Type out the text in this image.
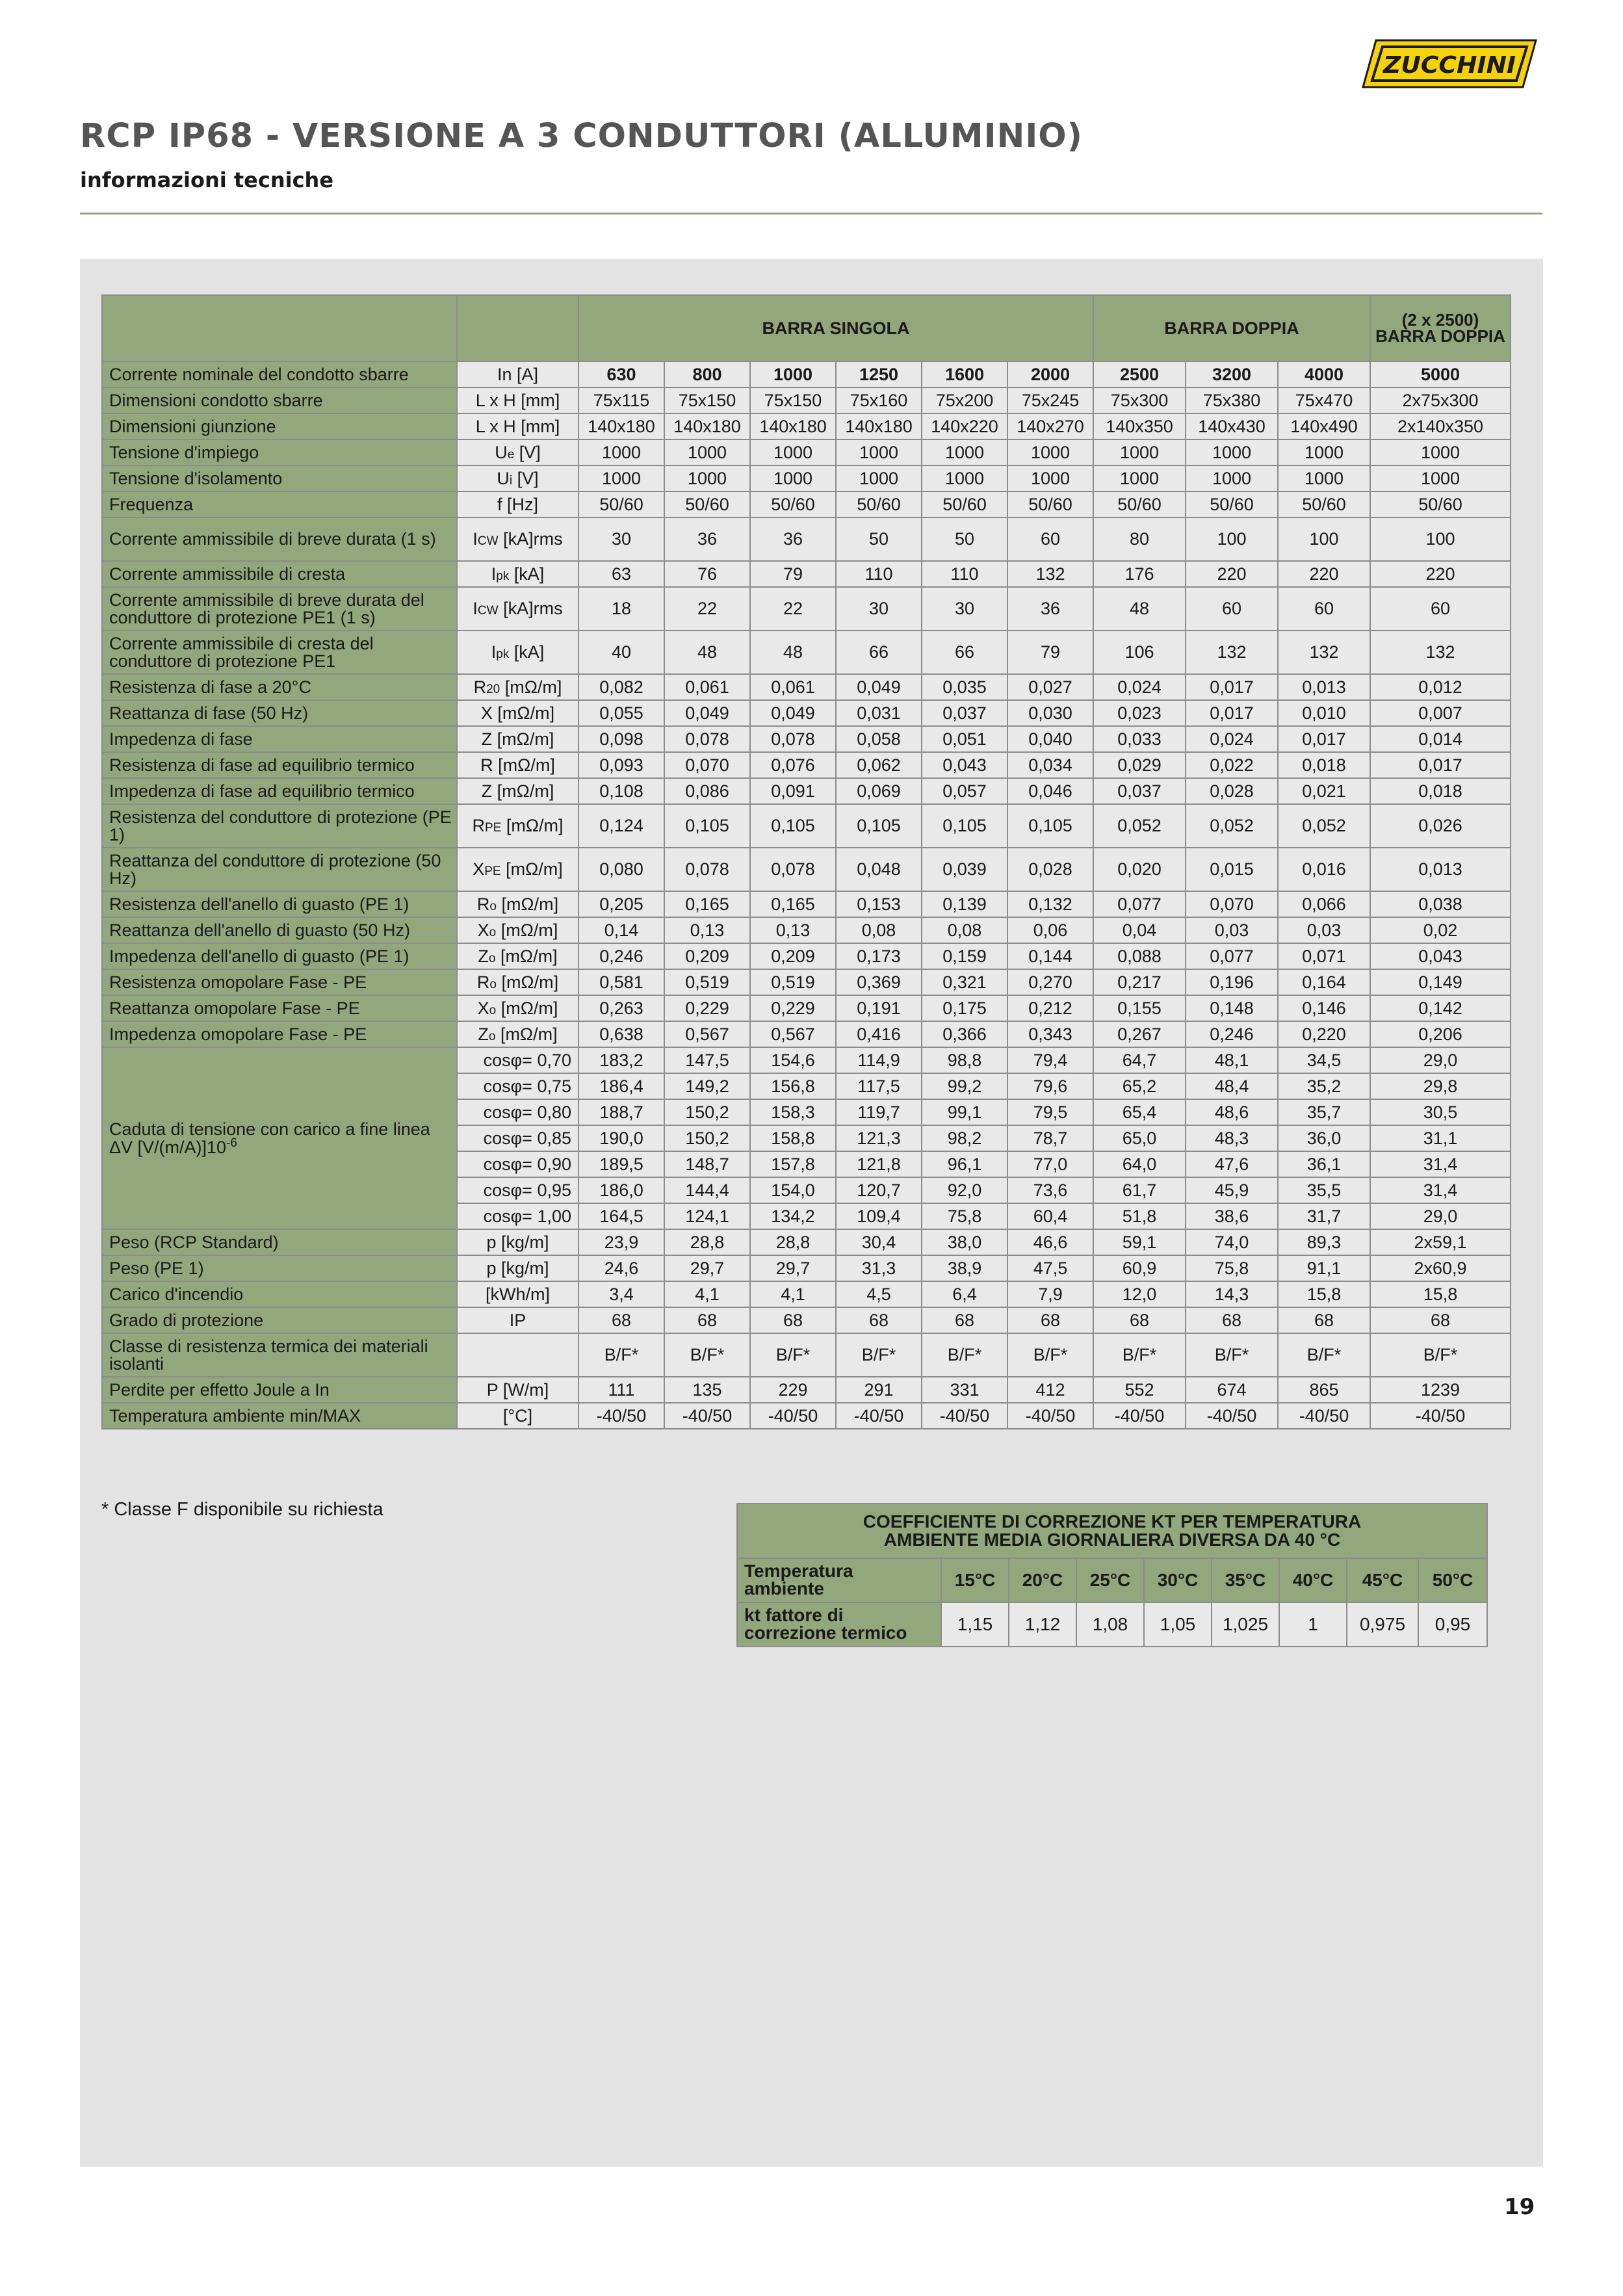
ZUCCHINI
RCP IP68 - VERSIONE A 3 CONDUTTORI (ALLUMINIO)
informazioni tecniche
		BARRA SINGOLA						BARRA DOPPIA			(2 x 2500)
BARRA DOPPIA

Corrente nominale del condotto sbarre	In [A]	630	800	1000	1250	1600	2000	2500	3200	4000	5000
Dimensioni condotto sbarre	L x H [mm]	75x115	75x150	75x150	75x160	75x200	75x245	75x300	75x380	75x470	2x75x300
Dimensioni giunzione	L x H [mm]	140x180	140x180	140x180	140x180	140x220	140x270	140x350	140x430	140x490	2x140x350
Tensione d'impiego	Ue [V]	1000	1000	1000	1000	1000	1000	1000	1000	1000	1000
Tensione d'isolamento	Ui [V]	1000	1000	1000	1000	1000	1000	1000	1000	1000	1000
Frequenza	f [Hz]	50/60	50/60	50/60	50/60	50/60	50/60	50/60	50/60	50/60	50/60
Corrente ammissibile di breve durata (1 s)	ICW [kA]rms	30	36	36	50	50	60	80	100	100	100
Corrente ammissibile di cresta	Ipk [kA]	63	76	79	110	110	132	176	220	220	220
Corrente ammissibile di breve durata del conduttore di protezione PE1 (1 s)	ICW [kA]rms	18	22	22	30	30	36	48	60	60	60
Corrente ammissibile di cresta del conduttore di protezione PE1	Ipk [kA]	40	48	48	66	66	79	106	132	132	132
Resistenza di fase a 20°C	R20 [mΩ/m]	0,082	0,061	0,061	0,049	0,035	0,027	0,024	0,017	0,013	0,012
Reattanza di fase (50 Hz)	X [mΩ/m]	0,055	0,049	0,049	0,031	0,037	0,030	0,023	0,017	0,010	0,007
Impedenza di fase	Z [mΩ/m]	0,098	0,078	0,078	0,058	0,051	0,040	0,033	0,024	0,017	0,014
Resistenza di fase ad equilibrio termico	R [mΩ/m]	0,093	0,070	0,076	0,062	0,043	0,034	0,029	0,022	0,018	0,017
Impedenza di fase ad equilibrio termico	Z [mΩ/m]	0,108	0,086	0,091	0,069	0,057	0,046	0,037	0,028	0,021	0,018
Resistenza del conduttore di protezione (PE 1)	RPE [mΩ/m]	0,124	0,105	0,105	0,105	0,105	0,105	0,052	0,052	0,052	0,026
Reattanza del conduttore di protezione (50 Hz)	XPE [mΩ/m]	0,080	0,078	0,078	0,048	0,039	0,028	0,020	0,015	0,016	0,013
Resistenza dell'anello di guasto (PE 1)	Ro [mΩ/m]	0,205	0,165	0,165	0,153	0,139	0,132	0,077	0,070	0,066	0,038
Reattanza dell'anello di guasto (50 Hz)	Xo [mΩ/m]	0,14	0,13	0,13	0,08	0,08	0,06	0,04	0,03	0,03	0,02
Impedenza dell'anello di guasto (PE 1)	Zo [mΩ/m]	0,246	0,209	0,209	0,173	0,159	0,144	0,088	0,077	0,071	0,043
Resistenza omopolare Fase - PE	Ro [mΩ/m]	0,581	0,519	0,519	0,369	0,321	0,270	0,217	0,196	0,164	0,149
Reattanza omopolare Fase - PE	Xo [mΩ/m]	0,263	0,229	0,229	0,191	0,175	0,212	0,155	0,148	0,146	0,142
Impedenza omopolare Fase - PE	Zo [mΩ/m]	0,638	0,567	0,567	0,416	0,366	0,343	0,267	0,246	0,220	0,206
Caduta di tensione con carico a fine linea ΔV $[V/(m/A)]10^{-6}$	cosφ= 0,70	183,2	147,5	154,6	114,9	98,8	79,4	64,7	48,1	34,5	29,0
	cosφ= 0,75	186,4	149,2	156,8	117,5	99,2	79,6	65,2	48,4	35,2	29,8
	cosφ= 0,80	188,7	150,2	158,3	119,7	99,1	79,5	65,4	48,6	35,7	30,5
	cosφ= 0,85	190,0	150,2	158,8	121,3	98,2	78,7	65,0	48,3	36,0	31,1
	cosφ= 0,90	189,5	148,7	157,8	121,8	96,1	77,0	64,0	47,6	36,1	31,4
	cosφ= 0,95	186,0	144,4	154,0	120,7	92,0	73,6	61,7	45,9	35,5	31,4
	cosφ= 1,00	164,5	124,1	134,2	109,4	75,8	60,4	51,8	38,6	31,7	29,0
Peso (RCP Standard)	p [kg/m]	23,9	28,8	28,8	30,4	38,0	46,6	59,1	74,0	89,3	2x59,1
Peso (PE 1)	p [kg/m]	24,6	29,7	29,7	31,3	38,9	47,5	60,9	75,8	91,1	2x60,9
Carico d'incendio	[kWh/m]	3,4	4,1	4,1	4,5	6,4	7,9	12,0	14,3	15,8	15,8
Grado di protezione	IP	68	68	68	68	68	68	68	68	68	68
Classe di resistenza termica dei materiali isolanti		B/F*	B/F*	B/F*	B/F*	B/F*	B/F*	B/F*	B/F*	B/F*	B/F*
Perdite per effetto Joule a In	P [W/m]	111	135	229	291	331	412	552	674	865	1239
Temperatura ambiente min/MAX	[°C]	-40/50	-40/50	-40/50	-40/50	-40/50	-40/50	-40/50	-40/50	-40/50	-40/50
* Classe F disponibile su richiesta
COEFFICIENTE DI CORREZIONE KT PER TEMPERATURA
AMBIENTE MEDIA GIORNALIERA DIVERSA DA 40 °C								

Temperatura ambiente	15°C	20°C	25°C	30°C	35°C	40°C	45°C	50°C
kt fattore di correzione termico	1,15	1,12	1,08	1,05	1,025	1	0,975	0,95
19
